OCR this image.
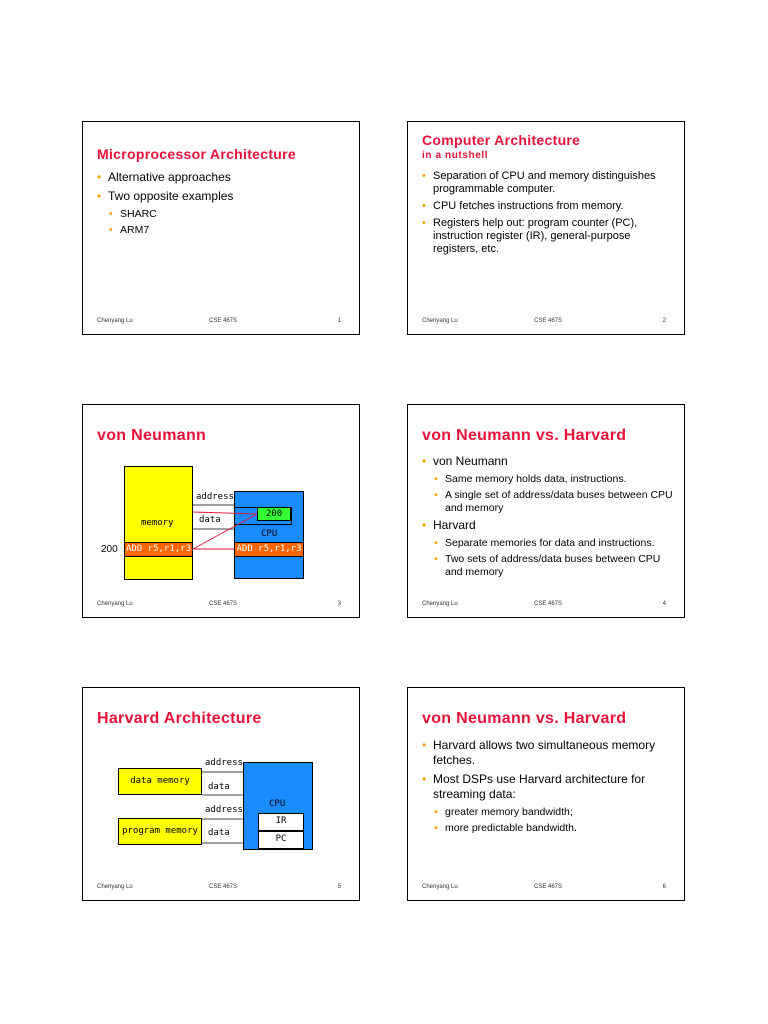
Microprocessor Architecture
• Alternative approaches
• Two opposite examples
• SHARC
• ARM7
Chenyang Lu	CSE 467S	1
Computer Architecture
in a nutshell
• Separation of CPU and memory distinguishes programmable computer.
• CPU fetches instructions from memory.
• Registers help out: program counter (PC), instruction register (IR), general-purpose registers, etc.
Chenyang Lu	CSE 467S	2
von Neumann
memory
ADD r5,r1,r3
200
200
CPU
ADD r5,r1,r3
address
data
Chenyang Lu	CSE 467S	3
von Neumann vs. Harvard
• von Neumann
• Same memory holds data, instructions.
• A single set of address/data buses between CPU and memory
• Harvard
• Separate memories for data and instructions.
• Two sets of address/data buses between CPU and memory
Chenyang Lu	CSE 467S	4
Harvard Architecture
data memory
program memory
CPU
IR
PC
address
data
address
data
Chenyang Lu	CSE 467S	5
von Neumann vs. Harvard
• Harvard allows two simultaneous memory fetches.
• Most DSPs use Harvard architecture for streaming data:
• greater memory bandwidth;
• more predictable bandwidth.
Chenyang Lu	CSE 467S	6
